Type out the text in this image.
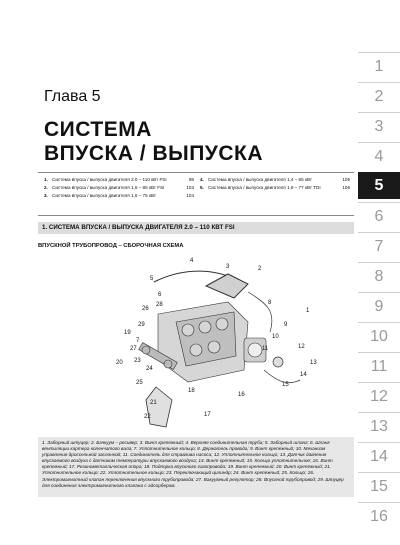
1
2
3
4
5
6
7
8
9
10
11
12
13
14
15
16
Глава 5
СИСТЕМА
ВПУСКА / ВЫПУСКА
1. Система впуска / выпуска двигателя 2.0 – 110 кВт FSI	99
2. Система впуска / выпуска двигателя 1,6 – 85 кВт FSI	103
3. Система впуска / выпуска двигателя 1,6 – 75 кВт	104
4. Система впуска / выпуска двигателя 1,4 – 55 кВт	105
5. Система впуска / выпуска двигателя 1,9 – 77 кВт TDI	106
1. СИСТЕМА ВПУСКА / ВЫПУСКА ДВИГАТЕЛЯ 2.0 – 110 КВТ FSI
ВПУСКНОЙ ТРУБОПРОВОД – СБОРОЧНАЯ СХЕМА
1
2
3
4
5
6
7
8
9
10
11	12
13
14
15
16
17
18
19
20
21
22
23
24
25
26
27
28
29
1. Заборный штуцер; 2. Бачкуум – ресивер; 3. Винт крепежный; 4. Верхняя соединительная труба; 5. Заборный шланг; 6. Шланг вентиляции картера коленчатого вала; 7. Уплотнительное кольцо; 8. Держатель провода; 9. Винт крепежный; 10. Механизм управления дроссельной заслонкой; 11. Соединитель для стравлива насоса; 12. Уплотнительное кольцо; 13. Датчик давления впускаемого воздуха с датчиком температуры впускаемого воздуха; 14. Винт крепежный; 15. Кольцо уплотнительное; 16. Винт крепежный; 17. Резинометаллическая опора; 18. Подпорка впускного газопровода; 19. Винт крепежный; 20. Винт крепежный; 21. Уплотнительное кольцо; 22. Уплотнительное кольцо; 23. Переключающий цилиндр; 24. Винт крепежный; 25. Кольцо; 26. Электромагнитный клапан переключения впускного трубопровода; 27. Вакуумный регулятор; 28. Впускной трубопровод; 29. Штуцер для соединения электромагнитного клапана с адсорбером.
